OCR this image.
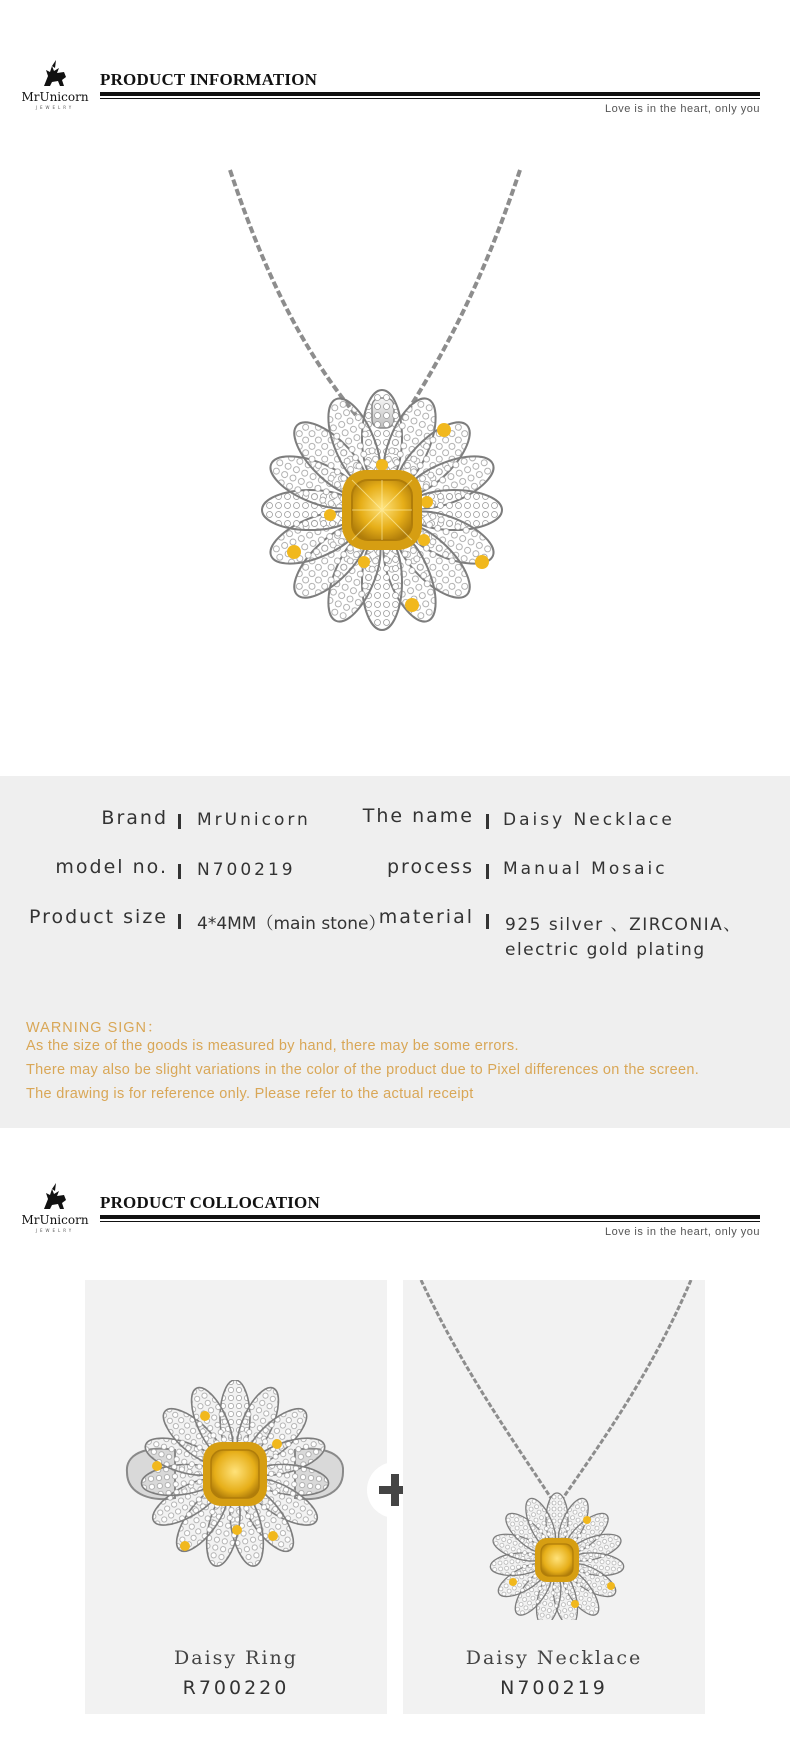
MrUnicorn
JEWELRY
PRODUCT INFORMATION
Love is in the heart, only you
Brand MrUnicorn	The name Daisy Necklace
model no. N700219	process Manual Mosaic
Product size 4*4MM（main stone）
material 925 silver 、ZIRCONIA、
electric gold plating
WARNING SIGN：
As the size of the goods is measured by hand, there may be some errors.
There may also be slight variations in the color of the product due to Pixel differences on the screen.
The drawing is for reference only. Please refer to the actual receipt
MrUnicorn
JEWELRY
PRODUCT COLLOCATION
Love is in the heart, only you
Daisy Ring
R700220
Daisy Necklace
N700219
